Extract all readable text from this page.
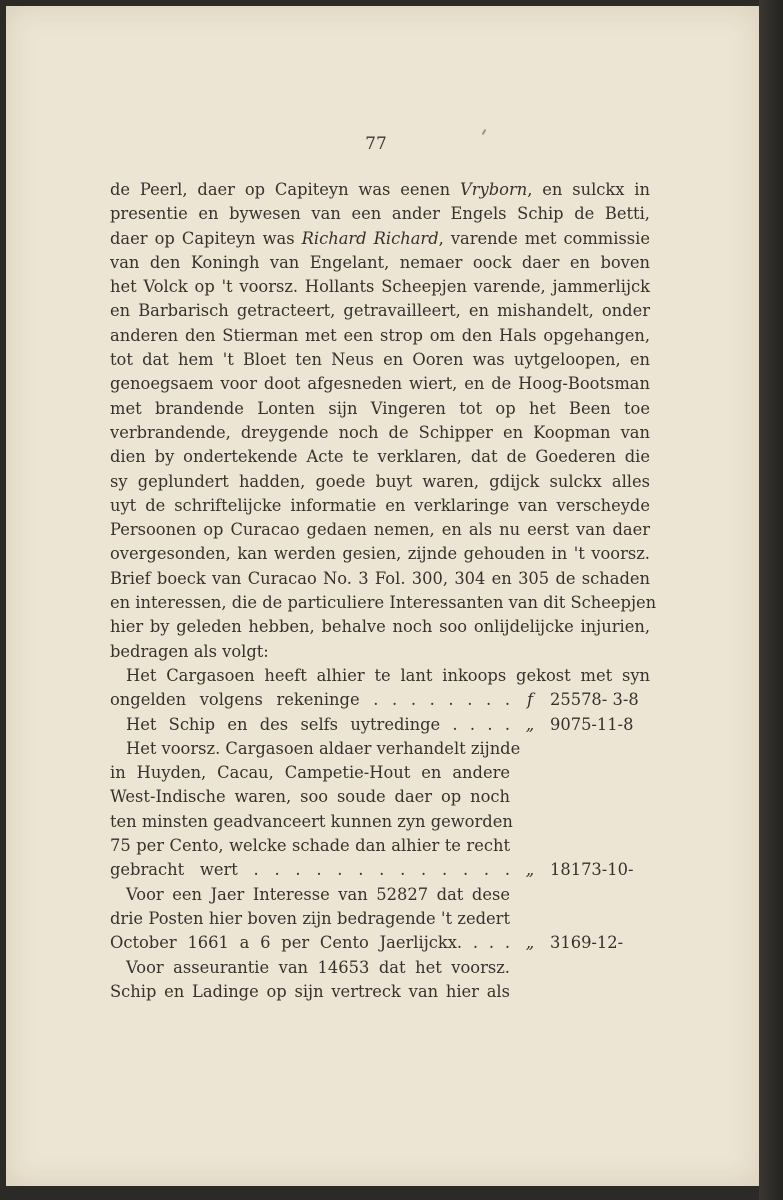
77
de Peerl, daer op Capiteyn was eenen Vryborn, en sulckx in
presentie en bywesen van een ander Engels Schip de Betti,
daer op Capiteyn was Richard Richard, varende met commissie
van den Koningh van Engelant, nemaer oock daer en boven
het Volck op 't voorsz. Hollants Scheepjen varende, jammerlijck
en Barbarisch getracteert, getravailleert, en mishandelt, onder
anderen den Stierman met een strop om den Hals opgehangen,
tot dat hem 't Bloet ten Neus en Ooren was uytgeloopen, en
genoegsaem voor doot afgesneden wiert, en de Hoog-Bootsman
met brandende Lonten sijn Vingeren tot op het Been toe
verbrandende, dreygende noch de Schipper en Koopman van
dien by ondertekende Acte te verklaren, dat de Goederen die
sy geplundert hadden, goede buyt waren, gdijck sulckx alles
uyt de schriftelijcke informatie en verklaringe van verscheyde
Persoonen op Curacao gedaen nemen, en als nu eerst van daer
overgesonden, kan werden gesien, zijnde gehouden in 't voorsz.
Brief boeck van Curacao No. 3 Fol. 300, 304 en 305 de schaden
en interessen, die de particuliere Interessanten van dit Scheepjen
hier by geleden hebben, behalve noch soo onlijdelijcke injurien,
bedragen als volgt:
Het Cargasoen heeft alhier te lant inkoops gekost met syn
ongelden volgens rekeninge . . . . . . . .	f	25578- 3-8
Het Schip en des selfs uytredinge . . . . „ 9075-11-8
Het voorsz. Cargasoen aldaer verhandelt zijnde
in Huyden, Cacau, Campetie-Hout en andere
West-Indische waren, soo soude daer op noch
ten minsten geadvanceert kunnen zyn geworden
75 per Cento, welcke schade dan alhier te recht
gebracht wert . . . . . . . . . . . . . „ 18173-10-
Voor een Jaer Interesse van 52827 dat dese
drie Posten hier boven zijn bedragende 't zedert
October 1661 a 6 per Cento Jaerlijckx. . . . „ 3169-12-
Voor asseurantie van 14653 dat het voorsz.
Schip en Ladinge op sijn vertreck van hier als
